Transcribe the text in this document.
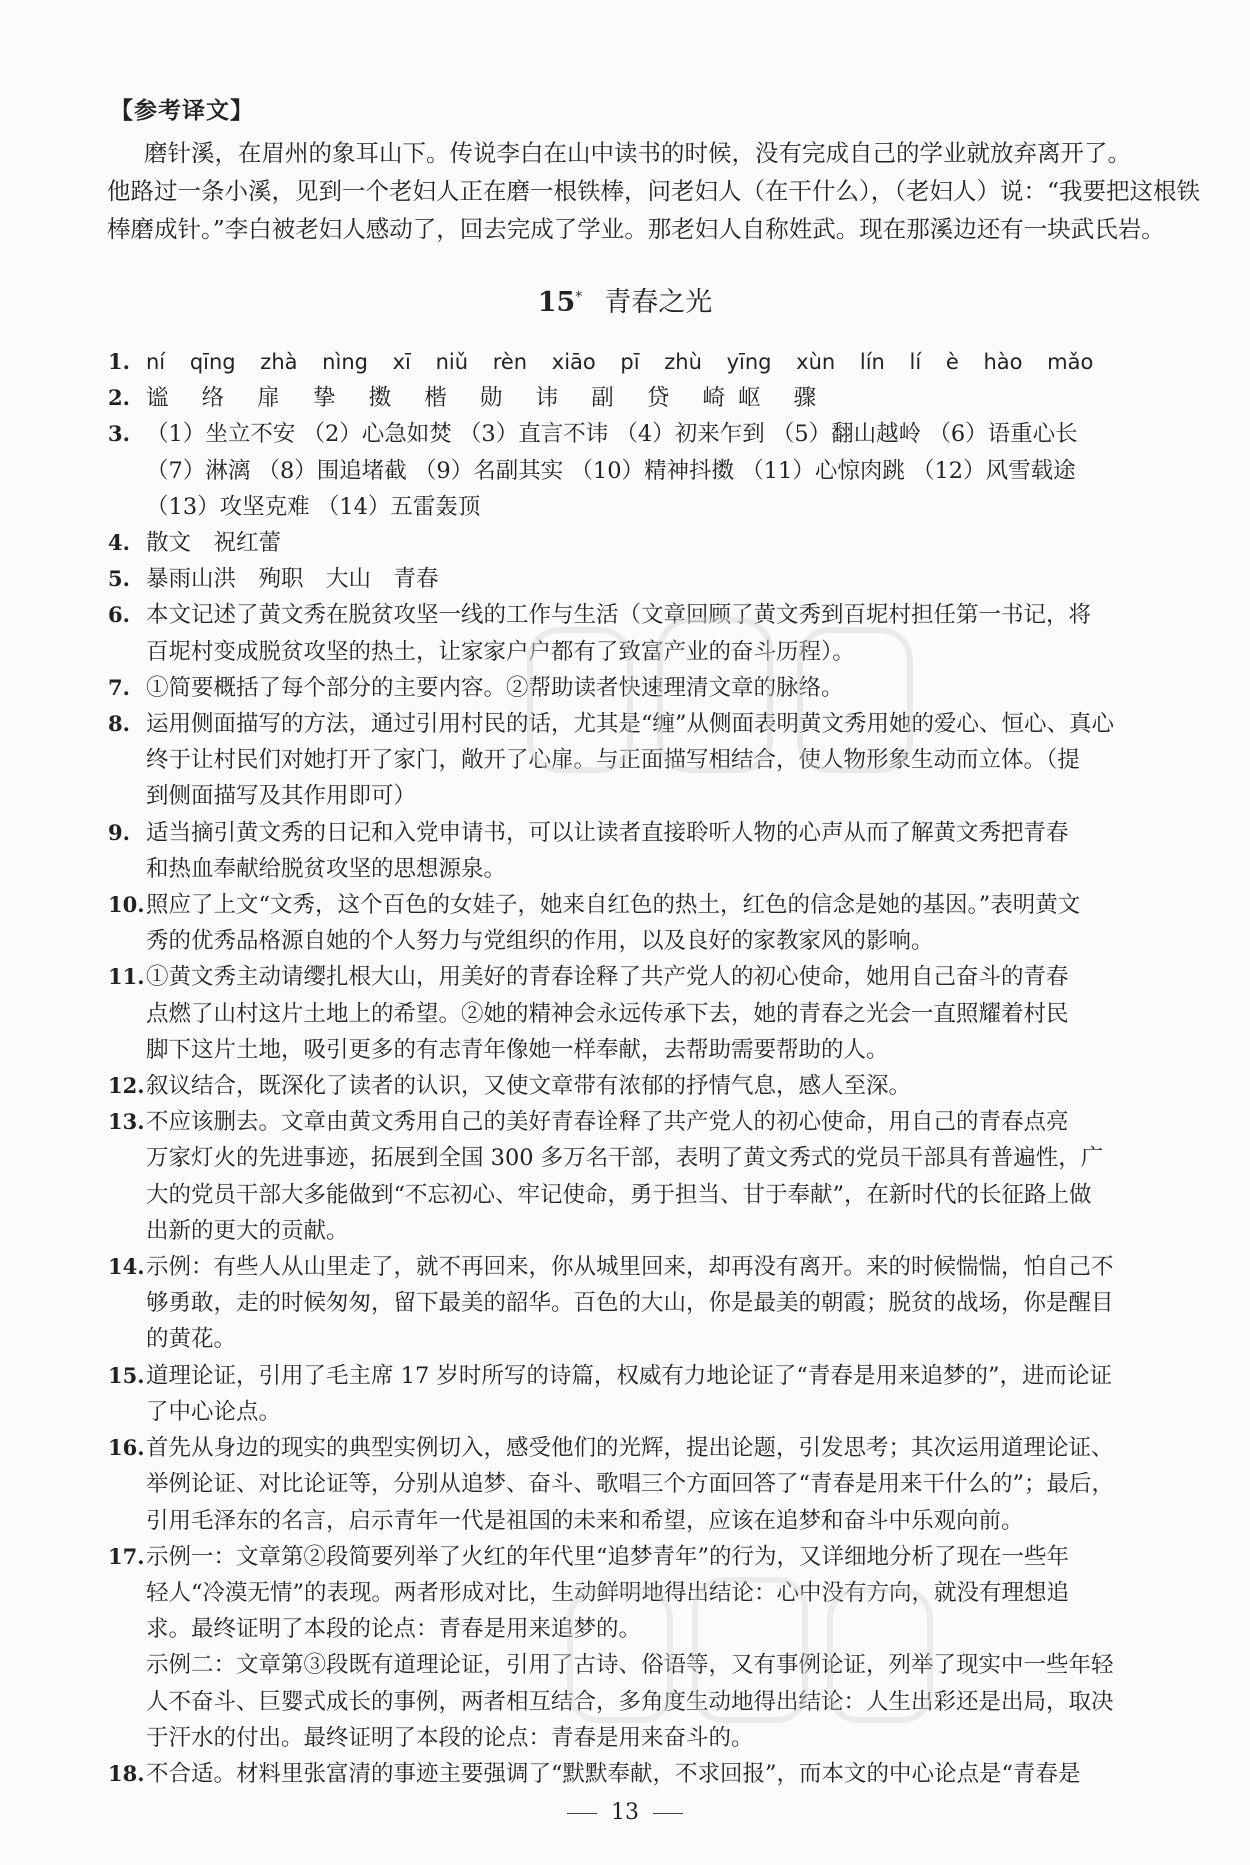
【参考译文】
磨针溪，在眉州的象耳山下。传说李白在山中读书的时候，没有完成自己的学业就放弃离开了。
他路过一条小溪，见到一个老妇人正在磨一根铁棒，问老妇人（在干什么），（老妇人）说：“我要把这根铁
棒磨成针。”李白被老妇人感动了，回去完成了学业。那老妇人自称姓武。现在那溪边还有一块武氏岩。
15* 青春之光
1. ní qīng zhà nìng xī niǔ rèn xiāo pī zhù yīng xùn lín lí è hào mǎo
2. 谧 络 扉 挚 擞 楷 勋 讳 副 贷 崎岖 骤
3. （1）坐立不安 （2）心急如焚 （3）直言不讳 （4）初来乍到 （5）翻山越岭 （6）语重心长
（7）淋漓 （8）围追堵截 （9）名副其实 （10）精神抖擞 （11）心惊肉跳 （12）风雪载途
（13）攻坚克难 （14）五雷轰顶
4. 散文　祝红蕾
5. 暴雨山洪　殉职　大山　青春
6. 本文记述了黄文秀在脱贫攻坚一线的工作与生活（文章回顾了黄文秀到百坭村担任第一书记，将
百坭村变成脱贫攻坚的热土，让家家户户都有了致富产业的奋斗历程）。
7. ①简要概括了每个部分的主要内容。②帮助读者快速理清文章的脉络。
8. 运用侧面描写的方法，通过引用村民的话，尤其是“缠”从侧面表明黄文秀用她的爱心、恒心、真心
终于让村民们对她打开了家门，敞开了心扉。与正面描写相结合，使人物形象生动而立体。（提
到侧面描写及其作用即可）
9. 适当摘引黄文秀的日记和入党申请书，可以让读者直接聆听人物的心声从而了解黄文秀把青春
和热血奉献给脱贫攻坚的思想源泉。
10. 照应了上文“文秀，这个百色的女娃子，她来自红色的热土，红色的信念是她的基因。”表明黄文
秀的优秀品格源自她的个人努力与党组织的作用，以及良好的家教家风的影响。
11. ①黄文秀主动请缨扎根大山，用美好的青春诠释了共产党人的初心使命，她用自己奋斗的青春
点燃了山村这片土地上的希望。②她的精神会永远传承下去，她的青春之光会一直照耀着村民
脚下这片土地，吸引更多的有志青年像她一样奉献，去帮助需要帮助的人。
12. 叙议结合，既深化了读者的认识，又使文章带有浓郁的抒情气息，感人至深。
13. 不应该删去。文章由黄文秀用自己的美好青春诠释了共产党人的初心使命，用自己的青春点亮
万家灯火的先进事迹，拓展到全国 300 多万名干部，表明了黄文秀式的党员干部具有普遍性，广
大的党员干部大多能做到“不忘初心、牢记使命，勇于担当、甘于奉献”，在新时代的长征路上做
出新的更大的贡献。
14. 示例：有些人从山里走了，就不再回来，你从城里回来，却再没有离开。来的时候惴惴，怕自己不
够勇敢，走的时候匆匆，留下最美的韶华。百色的大山，你是最美的朝霞；脱贫的战场，你是醒目
的黄花。
15. 道理论证，引用了毛主席 17 岁时所写的诗篇，权威有力地论证了“青春是用来追梦的”，进而论证
了中心论点。
16. 首先从身边的现实的典型实例切入，感受他们的光辉，提出论题，引发思考；其次运用道理论证、
举例论证、对比论证等，分别从追梦、奋斗、歌唱三个方面回答了“青春是用来干什么的”；最后，
引用毛泽东的名言，启示青年一代是祖国的未来和希望，应该在追梦和奋斗中乐观向前。
17. 示例一：文章第②段简要列举了火红的年代里“追梦青年”的行为，又详细地分析了现在一些年
轻人“冷漠无情”的表现。两者形成对比，生动鲜明地得出结论：心中没有方向，就没有理想追
求。最终证明了本段的论点：青春是用来追梦的。
示例二：文章第③段既有道理论证，引用了古诗、俗语等，又有事例论证，列举了现实中一些年轻
人不奋斗、巨婴式成长的事例，两者相互结合，多角度生动地得出结论：人生出彩还是出局，取决
于汗水的付出。最终证明了本段的论点：青春是用来奋斗的。
18. 不合适。材料里张富清的事迹主要强调了“默默奉献，不求回报”，而本文的中心论点是“青春是
13
